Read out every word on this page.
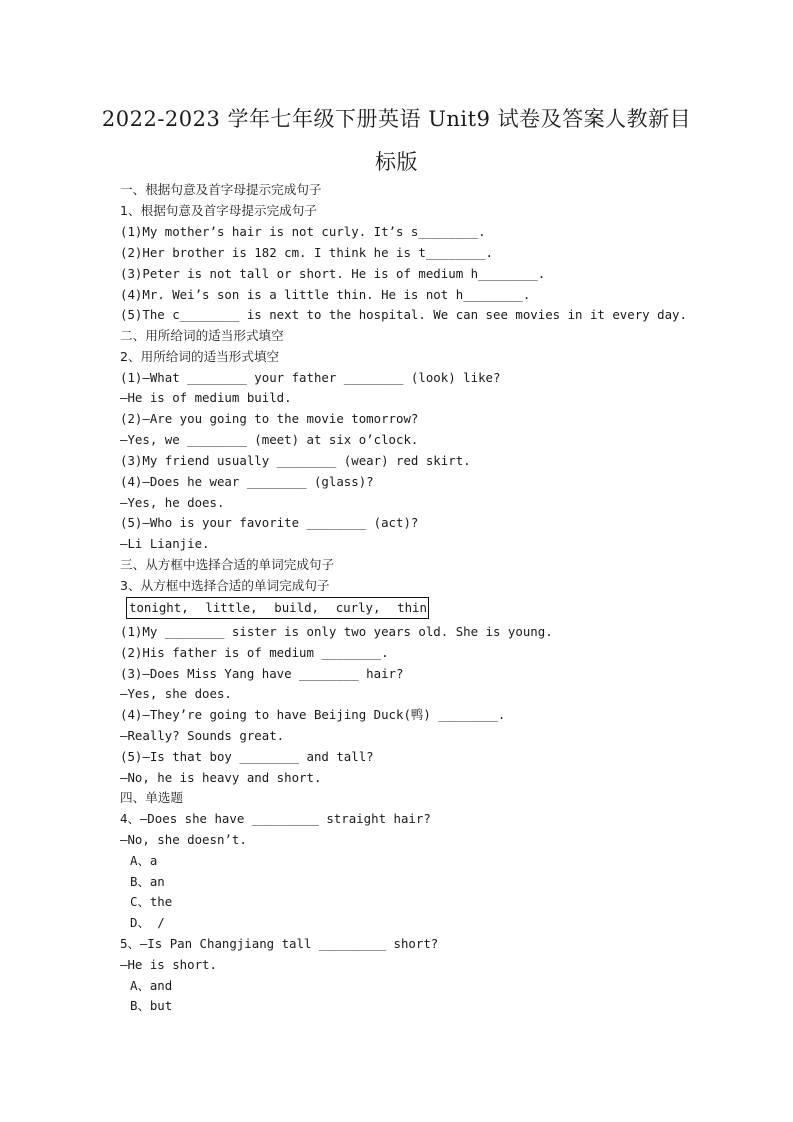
2022-2023 学年七年级下册英语 Unit9 试卷及答案人教新目
标版
一、根据句意及首字母提示完成句子
1、根据句意及首字母提示完成句子
(1)My mother’s hair is not curly. It’s s________.
(2)Her brother is 182 cm. I think he is t________.
(3)Peter is not tall or short. He is of medium h________.
(4)Mr. Wei’s son is a little thin. He is not h________.
(5)The c________ is next to the hospital. We can see movies in it every day.
二、用所给词的适当形式填空
2、用所给词的适当形式填空
(1)—What ________ your father ________ (look) like?
—He is of medium build.
(2)—Are you going to the movie tomorrow?
—Yes, we ________ (meet) at six o’clock.
(3)My friend usually ________ (wear) red skirt.
(4)—Does he wear ________ (glass)?
—Yes, he does.
(5)—Who is your favorite ________ (act)?
—Li Lianjie.
三、从方框中选择合适的单词完成句子
3、从方框中选择合适的单词完成句子
tonight, little, build, curly, thin
(1)My ________ sister is only two years old. She is young.
(2)His father is of medium ________.
(3)—Does Miss Yang have ________ hair?
—Yes, she does.
(4)—They’re going to have Beijing Duck(鸭) ________.
—Really? Sounds great.
(5)—Is that boy ________ and tall?
—No, he is heavy and short.
四、单选题
4、—Does she have _________ straight hair?
—No, she doesn’t.
A、a
B、an
C、the
D、 /
5、—Is Pan Changjiang tall _________ short?
—He is short.
A、and
B、but
